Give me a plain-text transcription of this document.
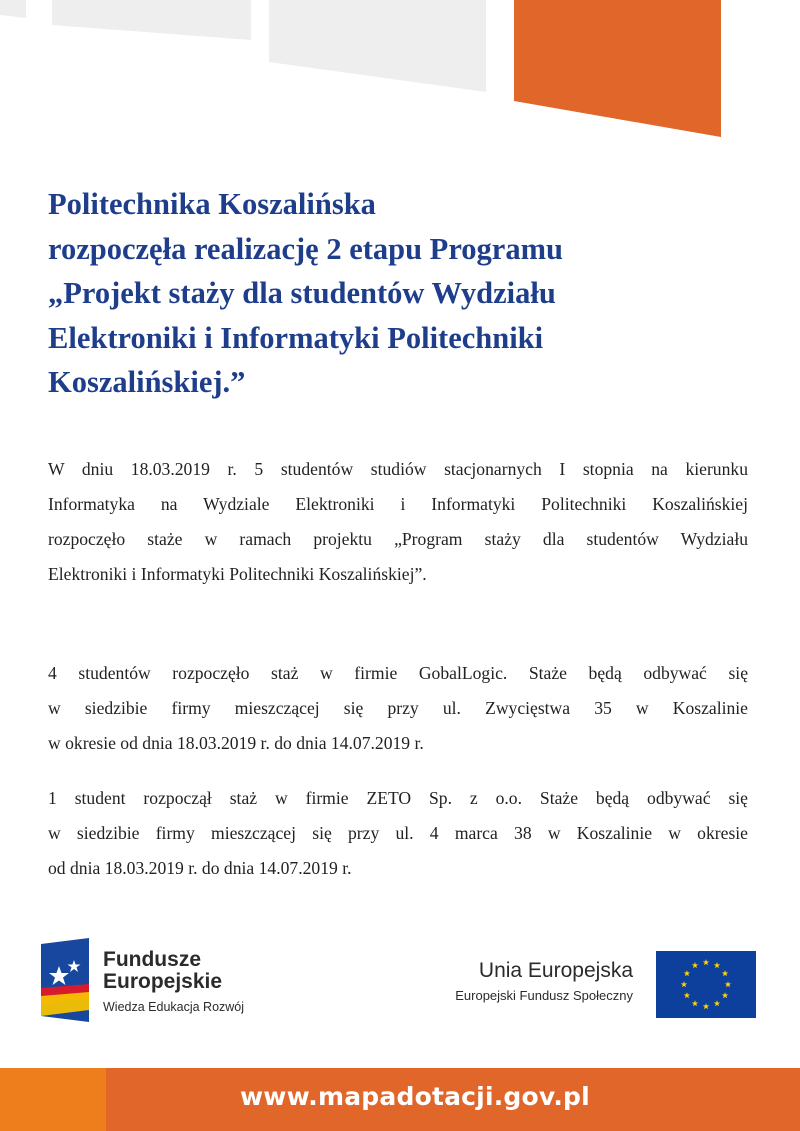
Politechnika Koszalińska
rozpoczęła realizację 2 etapu Programu
„Projekt staży dla studentów Wydziału
Elektroniki i Informatyki Politechniki
Koszalińskiej.”
W dniu 18.03.2019 r. 5 studentów studiów stacjonarnych I stopnia na kierunku
Informatyka na Wydziale Elektroniki i Informatyki Politechniki Koszalińskiej
rozpoczęło staże w ramach projektu „Program staży dla studentów Wydziału
Elektroniki i Informatyki Politechniki Koszalińskiej”.
4 studentów rozpoczęło staż w firmie GobalLogic. Staże będą odbywać się
w siedzibie firmy mieszczącej się przy ul. Zwycięstwa 35 w Koszalinie
w okresie od dnia 18.03.2019 r. do dnia 14.07.2019 r.
1 student rozpoczął staż w firmie ZETO Sp. z o.o. Staże będą odbywać się
w siedzibie firmy mieszczącej się przy ul. 4 marca 38 w Koszalinie w okresie
od dnia 18.03.2019 r. do dnia 14.07.2019 r.
Fundusze
Europejskie
Wiedza Edukacja Rozwój
Unia Europejska
Europejski Fundusz Społeczny
www.mapadotacji.gov.pl
